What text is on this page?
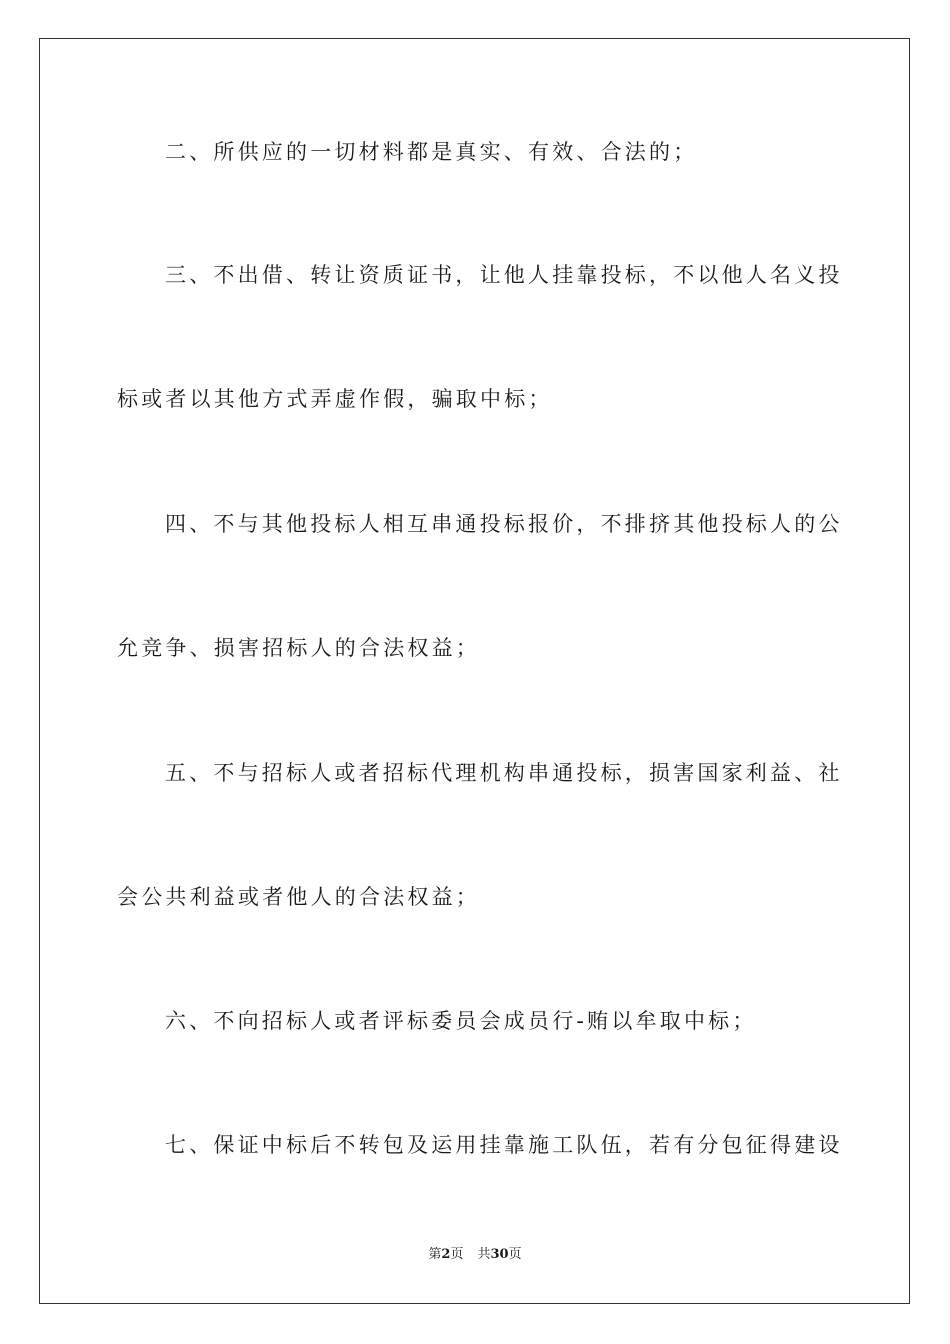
二、所供应的一切材料都是真实、有效、合法的；
三、不出借、转让资质证书，让他人挂靠投标，不以他人名义投
标或者以其他方式弄虚作假，骗取中标；
四、不与其他投标人相互串通投标报价，不排挤其他投标人的公
允竞争、损害招标人的合法权益；
五、不与招标人或者招标代理机构串通投标，损害国家利益、社
会公共利益或者他人的合法权益；
六、不向招标人或者评标委员会成员行-贿以牟取中标；
七、保证中标后不转包及运用挂靠施工队伍，若有分包征得建设
第2页 共30页
